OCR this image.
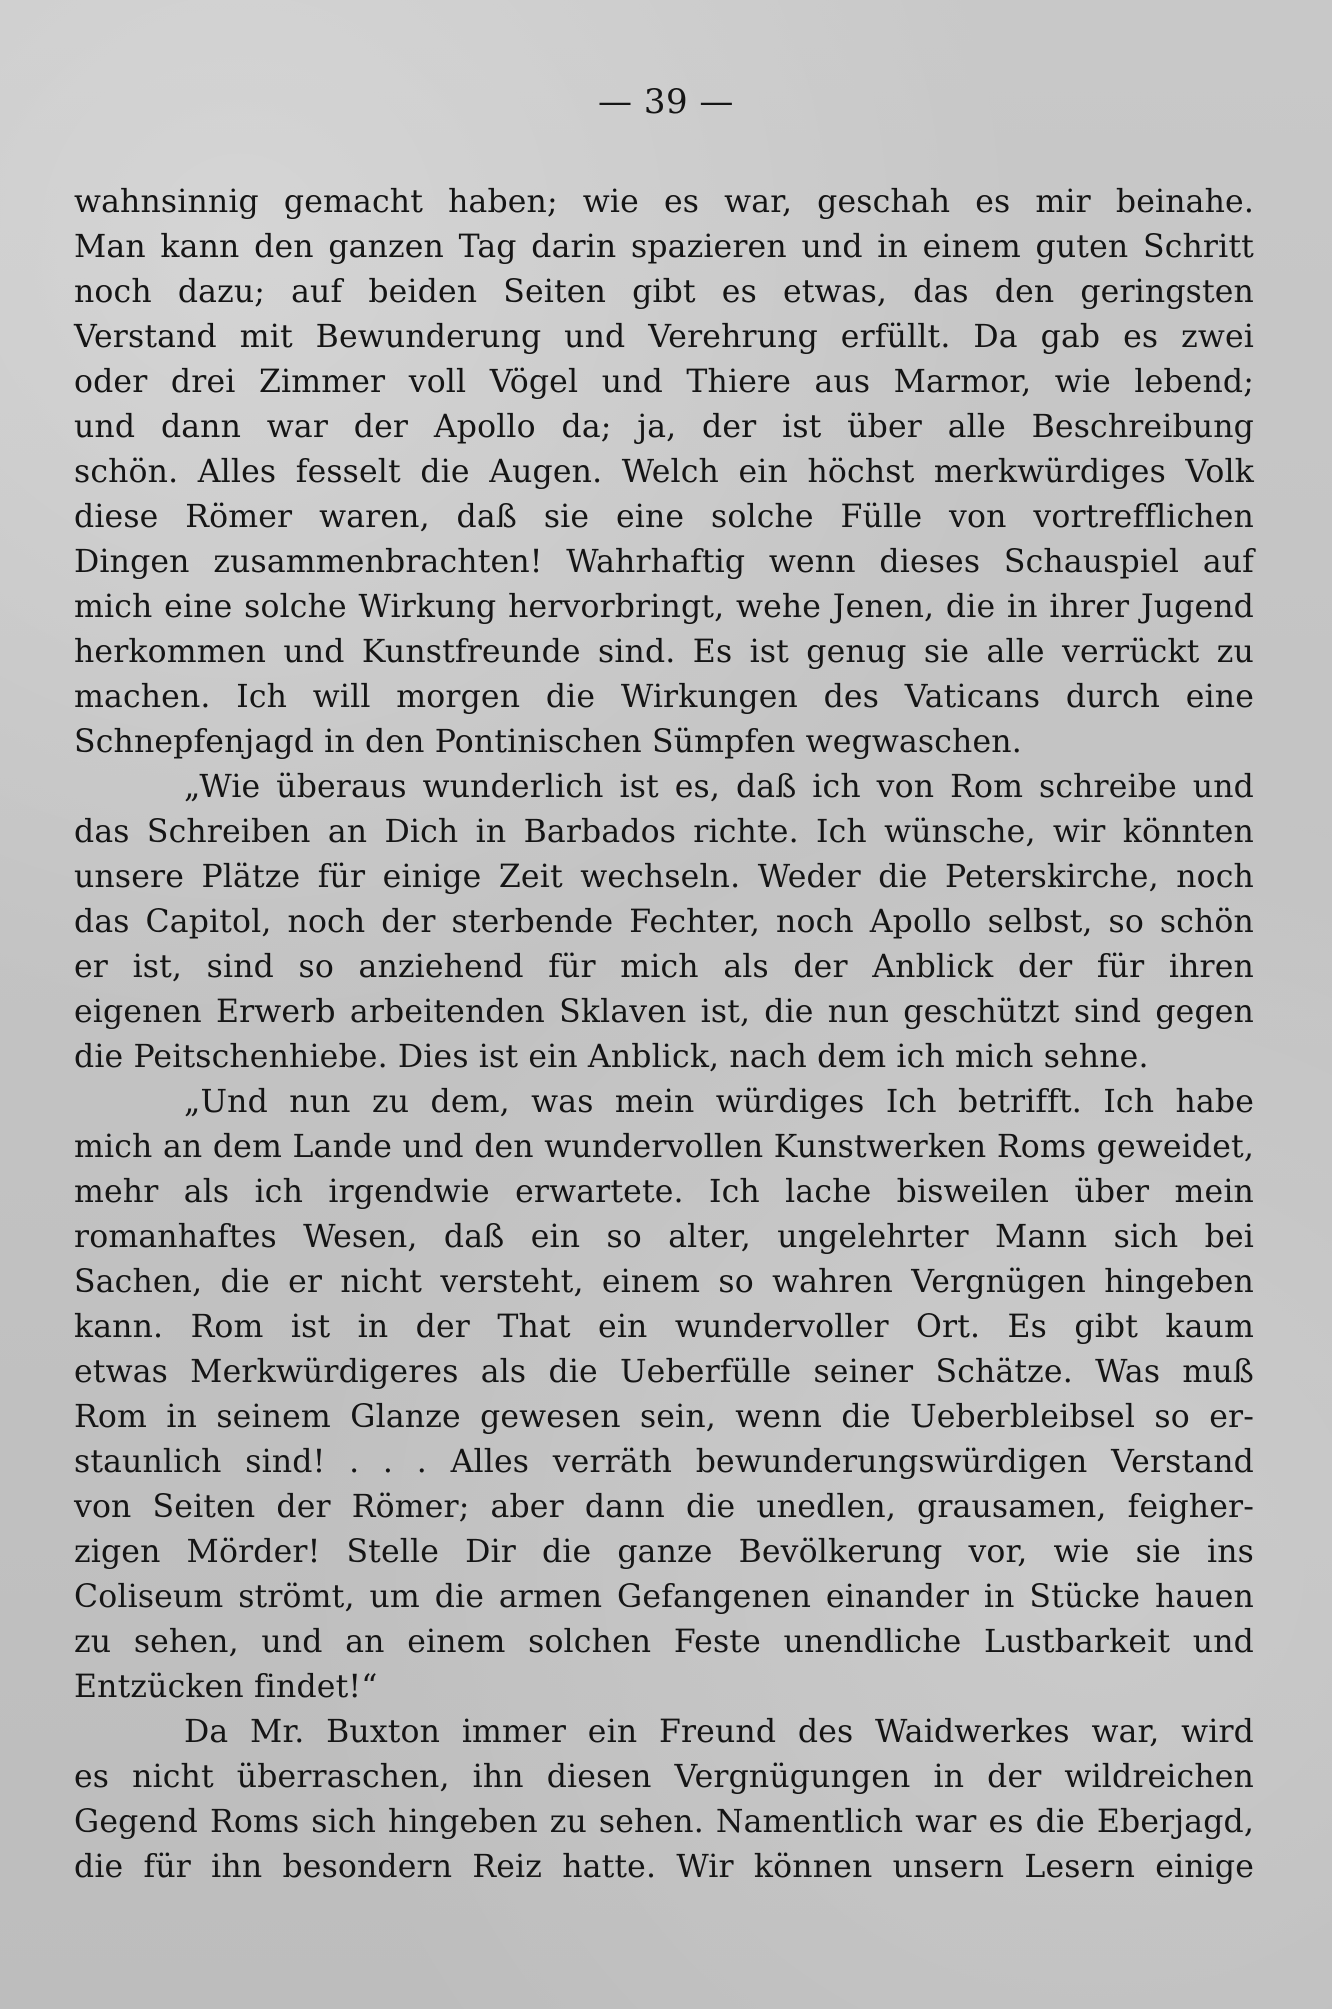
— 39 —
wahnsinnig gemacht haben; wie es war, geschah es mir beinahe.
Man kann den ganzen Tag darin spazieren und in einem guten Schritt
noch dazu; auf beiden Seiten gibt es etwas, das den geringsten
Verstand mit Bewunderung und Verehrung erfüllt. Da gab es zwei
oder drei Zimmer voll Vögel und Thiere aus Marmor, wie lebend;
und dann war der Apollo da; ja, der ist über alle Beschreibung
schön. Alles fesselt die Augen. Welch ein höchst merkwürdiges Volk
diese Römer waren, daß sie eine solche Fülle von vortrefflichen
Dingen zusammenbrachten! Wahrhaftig wenn dieses Schauspiel auf
mich eine solche Wirkung hervorbringt, wehe Jenen, die in ihrer Jugend
herkommen und Kunstfreunde sind. Es ist genug sie alle verrückt zu
machen. Ich will morgen die Wirkungen des Vaticans durch eine
Schnepfenjagd in den Pontinischen Sümpfen wegwaschen.
„Wie überaus wunderlich ist es, daß ich von Rom schreibe und
das Schreiben an Dich in Barbados richte. Ich wünsche, wir könnten
unsere Plätze für einige Zeit wechseln. Weder die Peterskirche, noch
das Capitol, noch der sterbende Fechter, noch Apollo selbst, so schön
er ist, sind so anziehend für mich als der Anblick der für ihren
eigenen Erwerb arbeitenden Sklaven ist, die nun geschützt sind gegen
die Peitschenhiebe. Dies ist ein Anblick, nach dem ich mich sehne.
„Und nun zu dem, was mein würdiges Ich betrifft. Ich habe
mich an dem Lande und den wundervollen Kunstwerken Roms geweidet,
mehr als ich irgendwie erwartete. Ich lache bisweilen über mein
romanhaftes Wesen, daß ein so alter, ungelehrter Mann sich bei
Sachen, die er nicht versteht, einem so wahren Vergnügen hingeben
kann. Rom ist in der That ein wundervoller Ort. Es gibt kaum
etwas Merkwürdigeres als die Ueberfülle seiner Schätze. Was muß
Rom in seinem Glanze gewesen sein, wenn die Ueberbleibsel so er-
staunlich sind! . . . Alles verräth bewunderungswürdigen Verstand
von Seiten der Römer; aber dann die unedlen, grausamen, feigher-
zigen Mörder! Stelle Dir die ganze Bevölkerung vor, wie sie ins
Coliseum strömt, um die armen Gefangenen einander in Stücke hauen
zu sehen, und an einem solchen Feste unendliche Lustbarkeit und
Entzücken findet!“
Da Mr. Buxton immer ein Freund des Waidwerkes war, wird
es nicht überraschen, ihn diesen Vergnügungen in der wildreichen
Gegend Roms sich hingeben zu sehen. Namentlich war es die Eberjagd,
die für ihn besondern Reiz hatte. Wir können unsern Lesern einige
